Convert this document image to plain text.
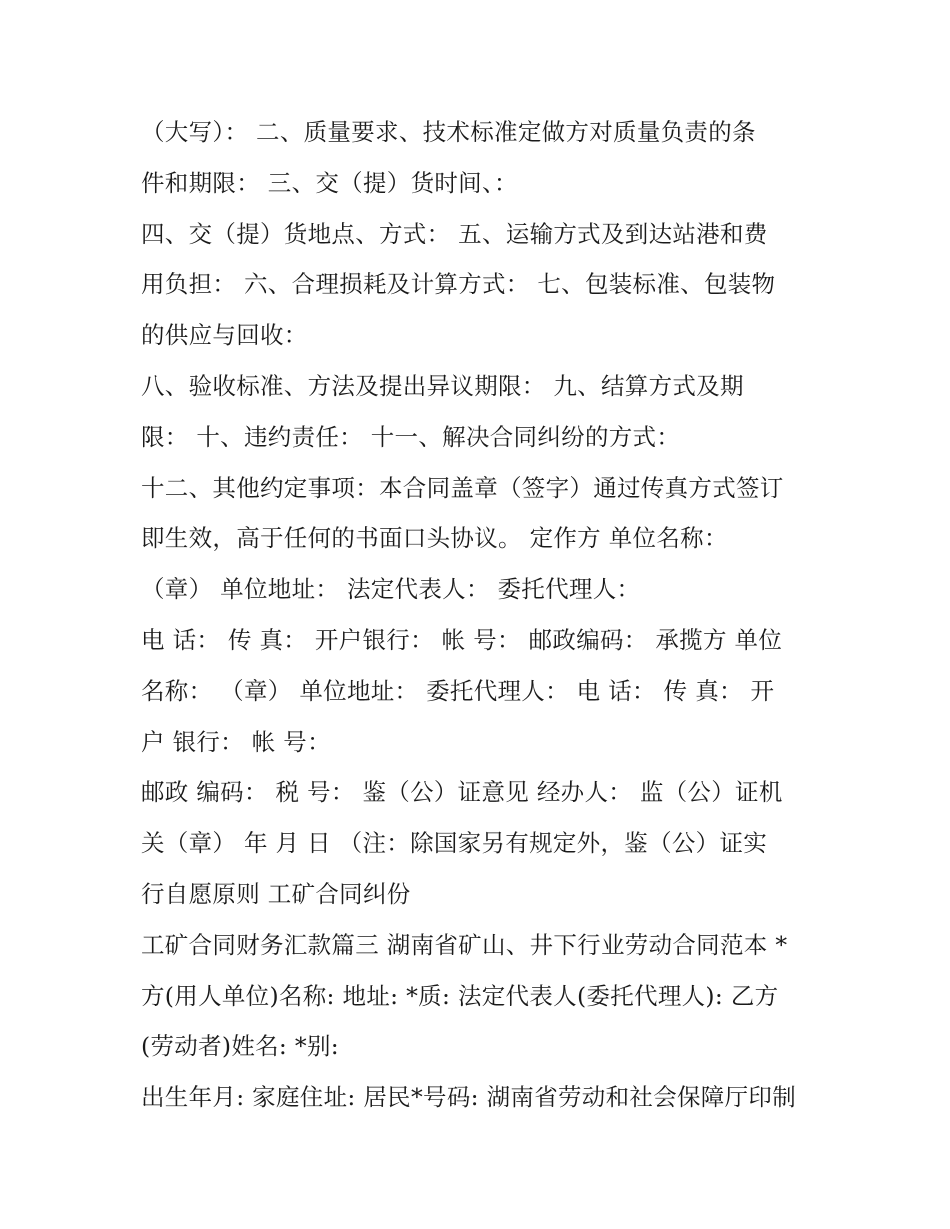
（大写）： 二、质量要求、技术标准定做方对质量负责的条
件和期限： 三、交（提）货时间、：
四、交（提）货地点、方式： 五、运输方式及到达站港和费
用负担： 六、合理损耗及计算方式： 七、包装标准、包装物
的供应与回收：
八、验收标准、方法及提出异议期限： 九、结算方式及期
限： 十、违约责任： 十一、解决合同纠纷的方式：
十二、其他约定事项：本合同盖章（签字）通过传真方式签订
即生效，高于任何的书面口头协议。 定作方 单位名称：
（章） 单位地址： 法定代表人： 委托代理人：
电 话： 传 真： 开户银行： 帐 号： 邮政编码： 承揽方 单位
名称： （章） 单位地址： 委托代理人： 电 话： 传 真： 开
户 银行： 帐 号：
邮政 编码： 税 号： 鉴（公）证意见 经办人： 监（公）证机
关（章） 年 月 日 （注：除国家另有规定外，鉴（公）证实
行自愿原则 工矿合同纠份
工矿合同财务汇款篇三 湖南省矿山、井下行业劳动合同范本 *
方(用人单位)名称: 地址: *质: 法定代表人(委托代理人): 乙方
(劳动者)姓名: *别:
出生年月: 家庭住址: 居民*号码: 湖南省劳动和社会保障厅印制
